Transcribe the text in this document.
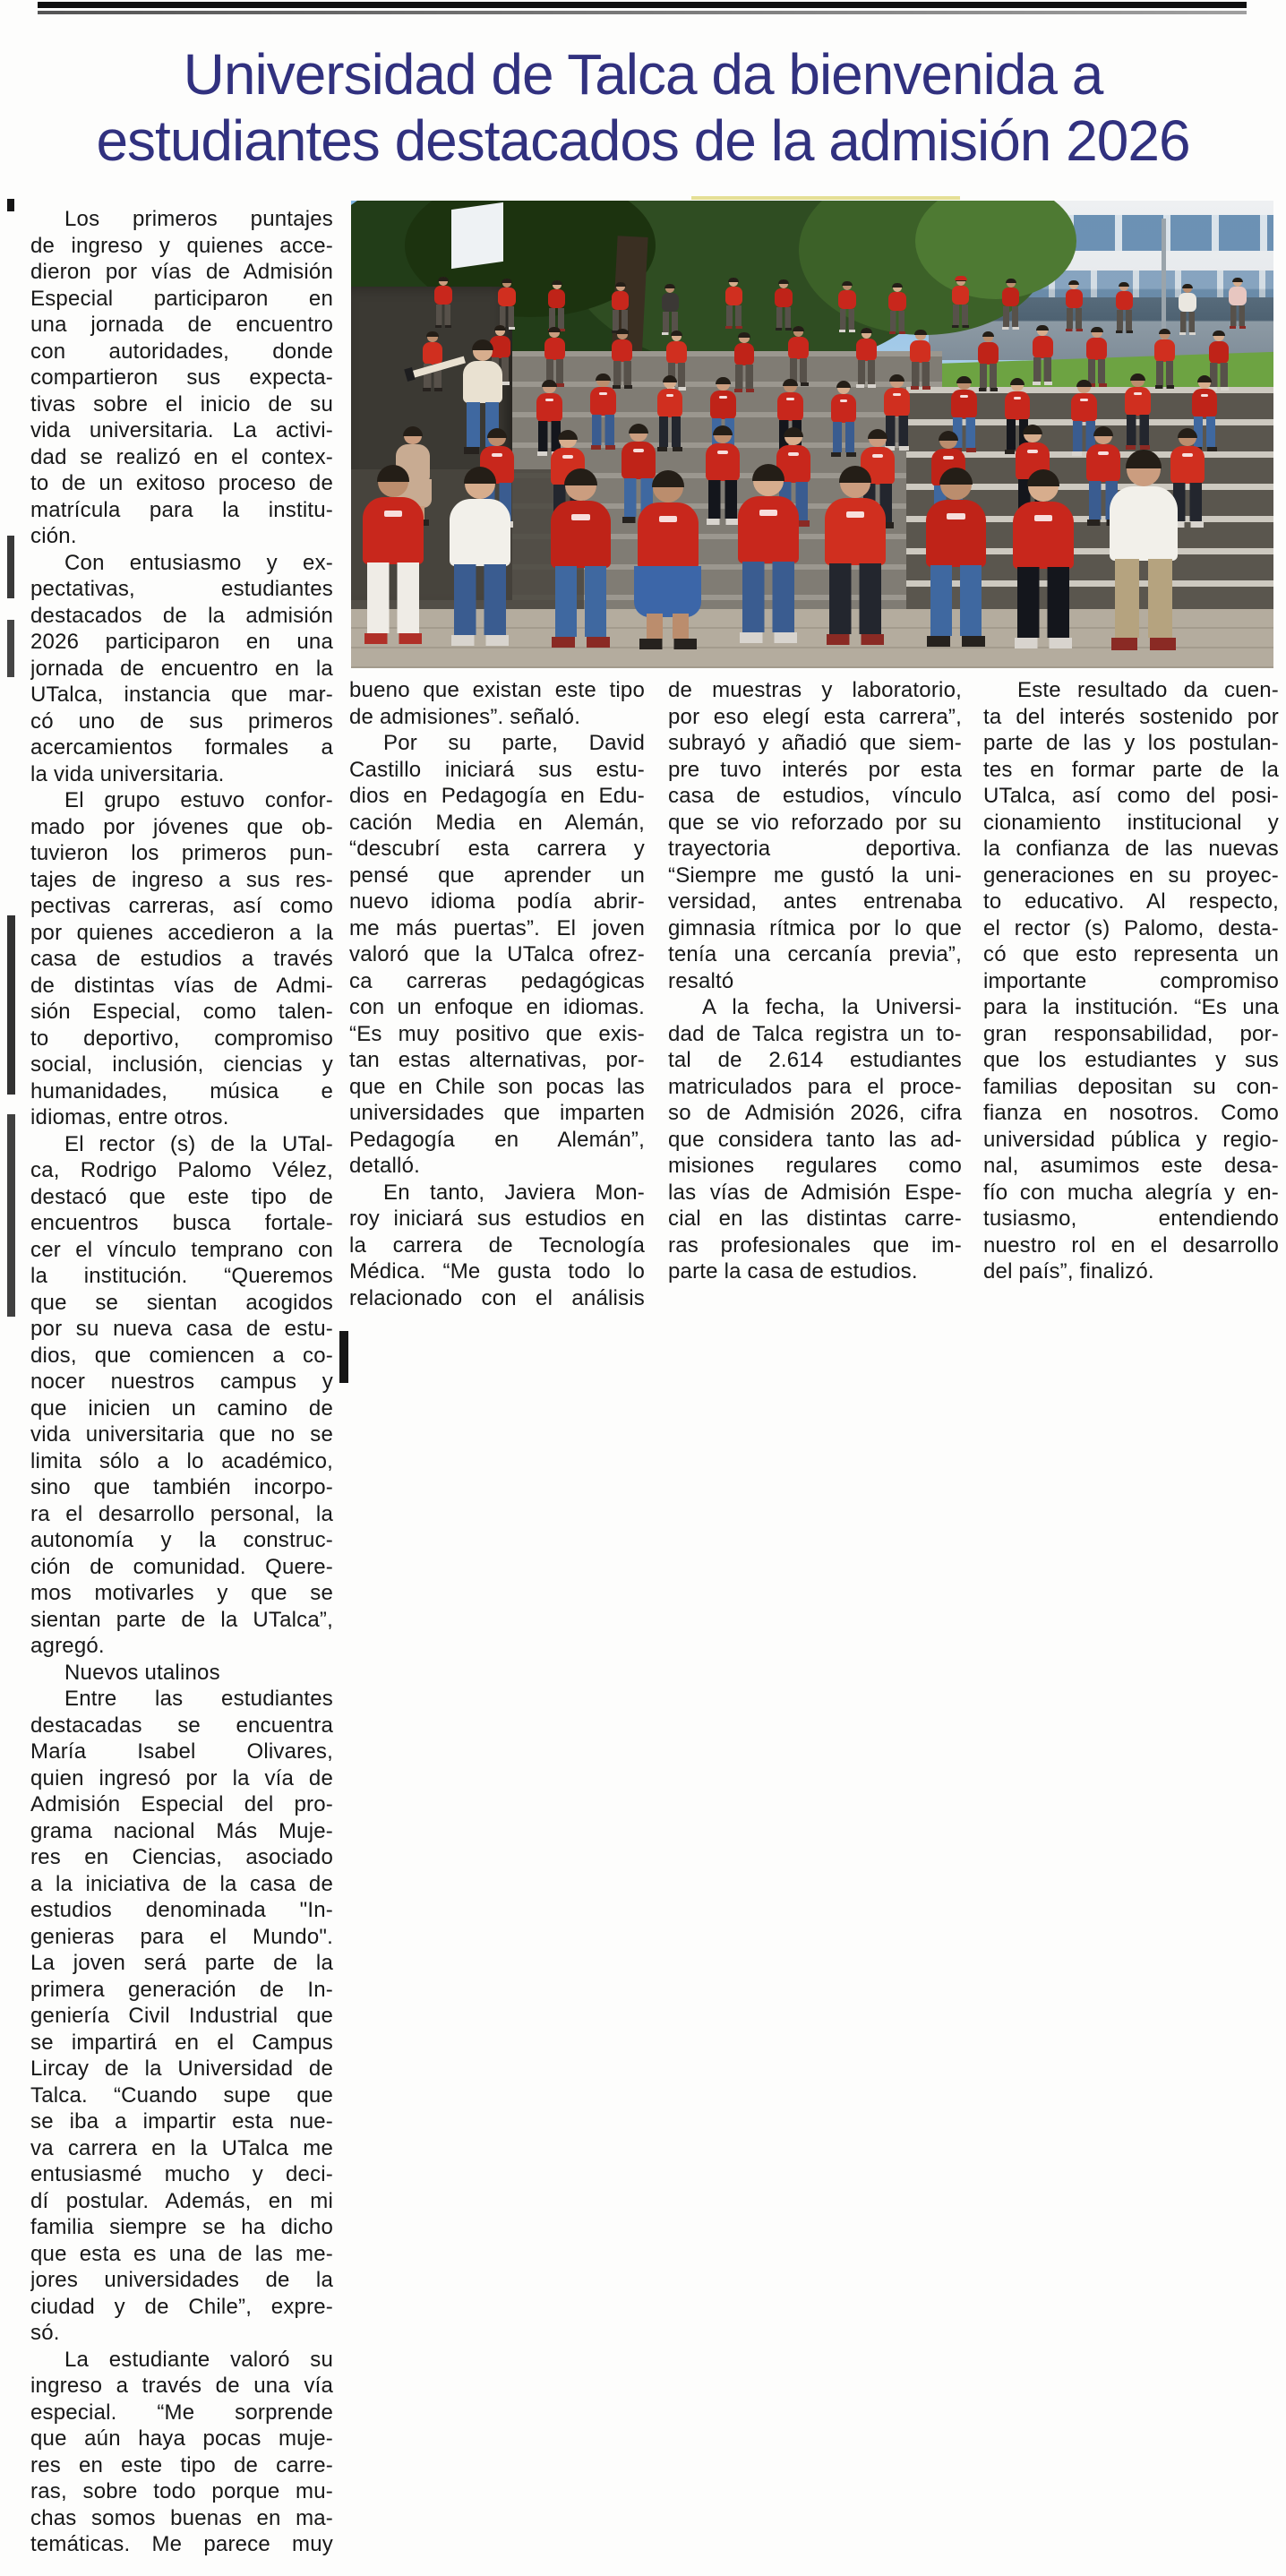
Universidad de Talca da bienvenida a
estudiantes destacados de la admisión 2026
Los primeros puntajes
de ingreso y quienes acce-
dieron por vías de Admisión
Especial participaron en
una jornada de encuentro
con autoridades, donde
compartieron sus expecta-
tivas sobre el inicio de su
vida universitaria. La activi-
dad se realizó en el contex-
to de un exitoso proceso de
matrícula para la institu-
ción.
Con entusiasmo y ex-
pectativas, estudiantes
destacados de la admisión
2026 participaron en una
jornada de encuentro en la
UTalca, instancia que mar-
có uno de sus primeros
acercamientos formales a
la vida universitaria.
El grupo estuvo confor-
mado por jóvenes que ob-
tuvieron los primeros pun-
tajes de ingreso a sus res-
pectivas carreras, así como
por quienes accedieron a la
casa de estudios a través
de distintas vías de Admi-
sión Especial, como talen-
to deportivo, compromiso
social, inclusión, ciencias y
humanidades, música e
idiomas, entre otros.
El rector (s) de la UTal-
ca, Rodrigo Palomo Vélez,
destacó que este tipo de
encuentros busca fortale-
cer el vínculo temprano con
la institución. “Queremos
que se sientan acogidos
por su nueva casa de estu-
dios, que comiencen a co-
nocer nuestros campus y
que inicien un camino de
vida universitaria que no se
limita sólo a lo académico,
sino que también incorpo-
ra el desarrollo personal, la
autonomía y la construc-
ción de comunidad. Quere-
mos motivarles y que se
sientan parte de la UTalca”,
agregó.
Nuevos utalinos
Entre las estudiantes
destacadas se encuentra
María Isabel Olivares,
quien ingresó por la vía de
Admisión Especial del pro-
grama nacional Más Muje-
res en Ciencias, asociado
a la iniciativa de la casa de
estudios denominada "In-
genieras para el Mundo".
La joven será parte de la
primera generación de In-
geniería Civil Industrial que
se impartirá en el Campus
Lircay de la Universidad de
Talca. “Cuando supe que
se iba a impartir esta nue-
va carrera en la UTalca me
entusiasmé mucho y deci-
dí postular. Además, en mi
familia siempre se ha dicho
que esta es una de las me-
jores universidades de la
ciudad y de Chile”, expre-
só.
La estudiante valoró su
ingreso a través de una vía
especial. “Me sorprende
que aún haya pocas muje-
res en este tipo de carre-
ras, sobre todo porque mu-
chas somos buenas en ma-
temáticas. Me parece muy
bueno que existan este tipo
de admisiones”. señaló.
Por su parte, David
Castillo iniciará sus estu-
dios en Pedagogía en Edu-
cación Media en Alemán,
“descubrí esta carrera y
pensé que aprender un
nuevo idioma podía abrir-
me más puertas”. El joven
valoró que la UTalca ofrez-
ca carreras pedagógicas
con un enfoque en idiomas.
“Es muy positivo que exis-
tan estas alternativas, por-
que en Chile son pocas las
universidades que imparten
Pedagogía en Alemán”,
detalló.
En tanto, Javiera Mon-
roy iniciará sus estudios en
la carrera de Tecnología
Médica. “Me gusta todo lo
relacionado con el análisis
de muestras y laboratorio,
por eso elegí esta carrera”,
subrayó y añadió que siem-
pre tuvo interés por esta
casa de estudios, vínculo
que se vio reforzado por su
trayectoria deportiva.
“Siempre me gustó la uni-
versidad, antes entrenaba
gimnasia rítmica por lo que
tenía una cercanía previa”,
resaltó
A la fecha, la Universi-
dad de Talca registra un to-
tal de 2.614 estudiantes
matriculados para el proce-
so de Admisión 2026, cifra
que considera tanto las ad-
misiones regulares como
las vías de Admisión Espe-
cial en las distintas carre-
ras profesionales que im-
parte la casa de estudios.
Este resultado da cuen-
ta del interés sostenido por
parte de las y los postulan-
tes en formar parte de la
UTalca, así como del posi-
cionamiento institucional y
la confianza de las nuevas
generaciones en su proyec-
to educativo. Al respecto,
el rector (s) Palomo, desta-
có que esto representa un
importante compromiso
para la institución. “Es una
gran responsabilidad, por-
que los estudiantes y sus
familias depositan su con-
fianza en nosotros. Como
universidad pública y regio-
nal, asumimos este desa-
fío con mucha alegría y en-
tusiasmo, entendiendo
nuestro rol en el desarrollo
del país”, finalizó.
